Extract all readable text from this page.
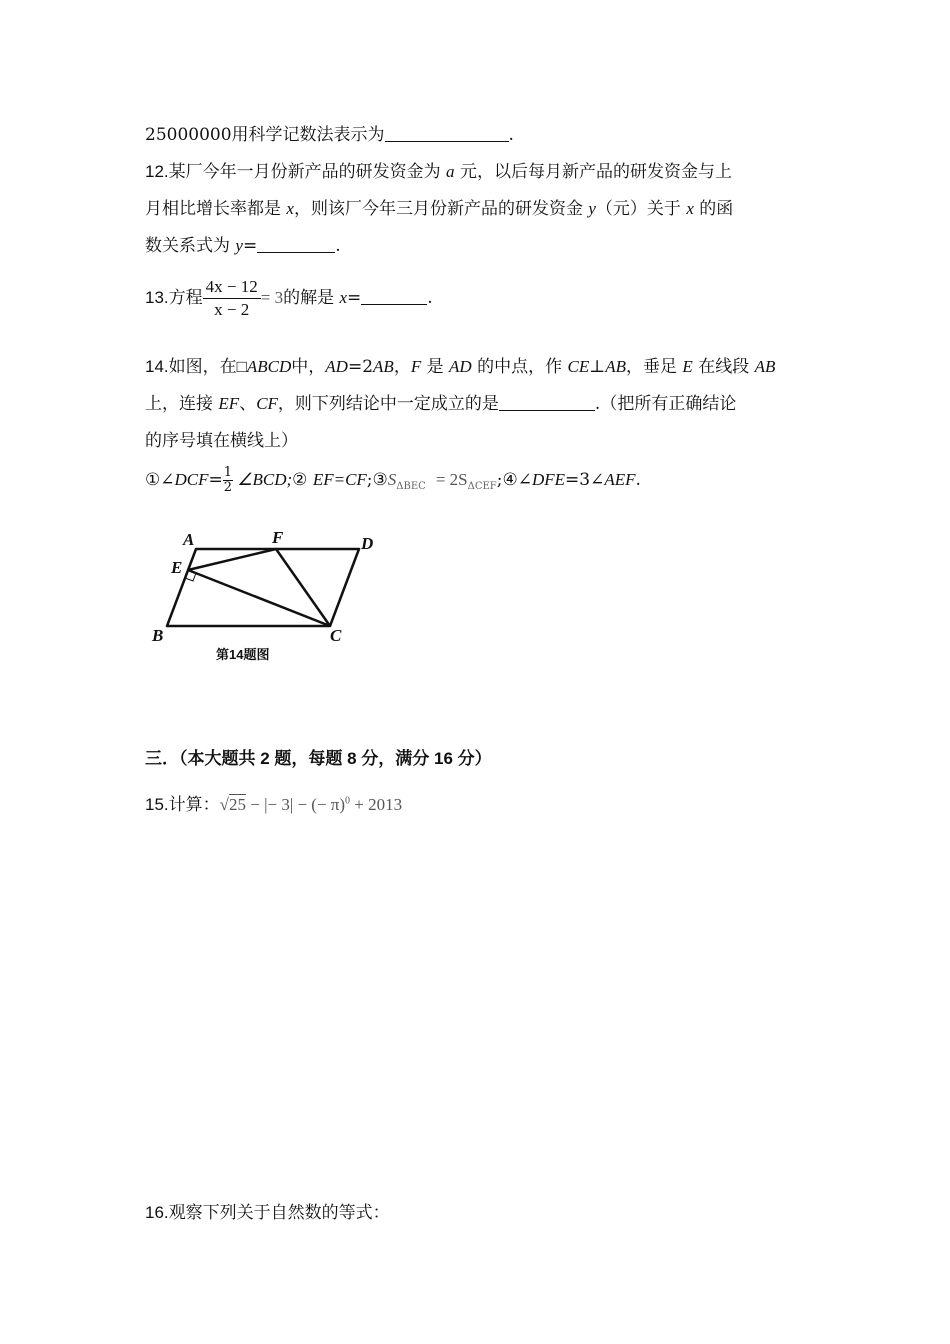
25000000用科学记数法表示为	.
12.某厂今年一月份新产品的研发资金为 a 元，以后每月新产品的研发资金与上
月相比增长率都是 x，则该厂今年三月份新产品的研发资金 y（元）关于 x 的函
数关系式为 y=	.
13.方程 $\frac{4x - 12}{x - 2} = 3$的解是 x=	.
14.如图，在□ABCD中，AD=2AB，F 是 AD 的中点，作 CE⊥AB，垂足 E 在线段 AB
上，连接 EF、CF，则下列结论中一定成立的是	.（把所有正确结论
的序号填在横线上）
①∠DCF= $\frac{1}{2}$ ∠BCD;② $EF=CF;③S_{\Delta BEC}$ = $2S_{\Delta CEF};④\angle DFE=3\angle AEF$.
A	F	D
E
B	C
第14题图
三．（本大题共 2 题，每题 8 分，满分 16 分）
15.计算：√25 − |− 3| − (− π)$^0$ + 2013
16.观察下列关于自然数的等式：
